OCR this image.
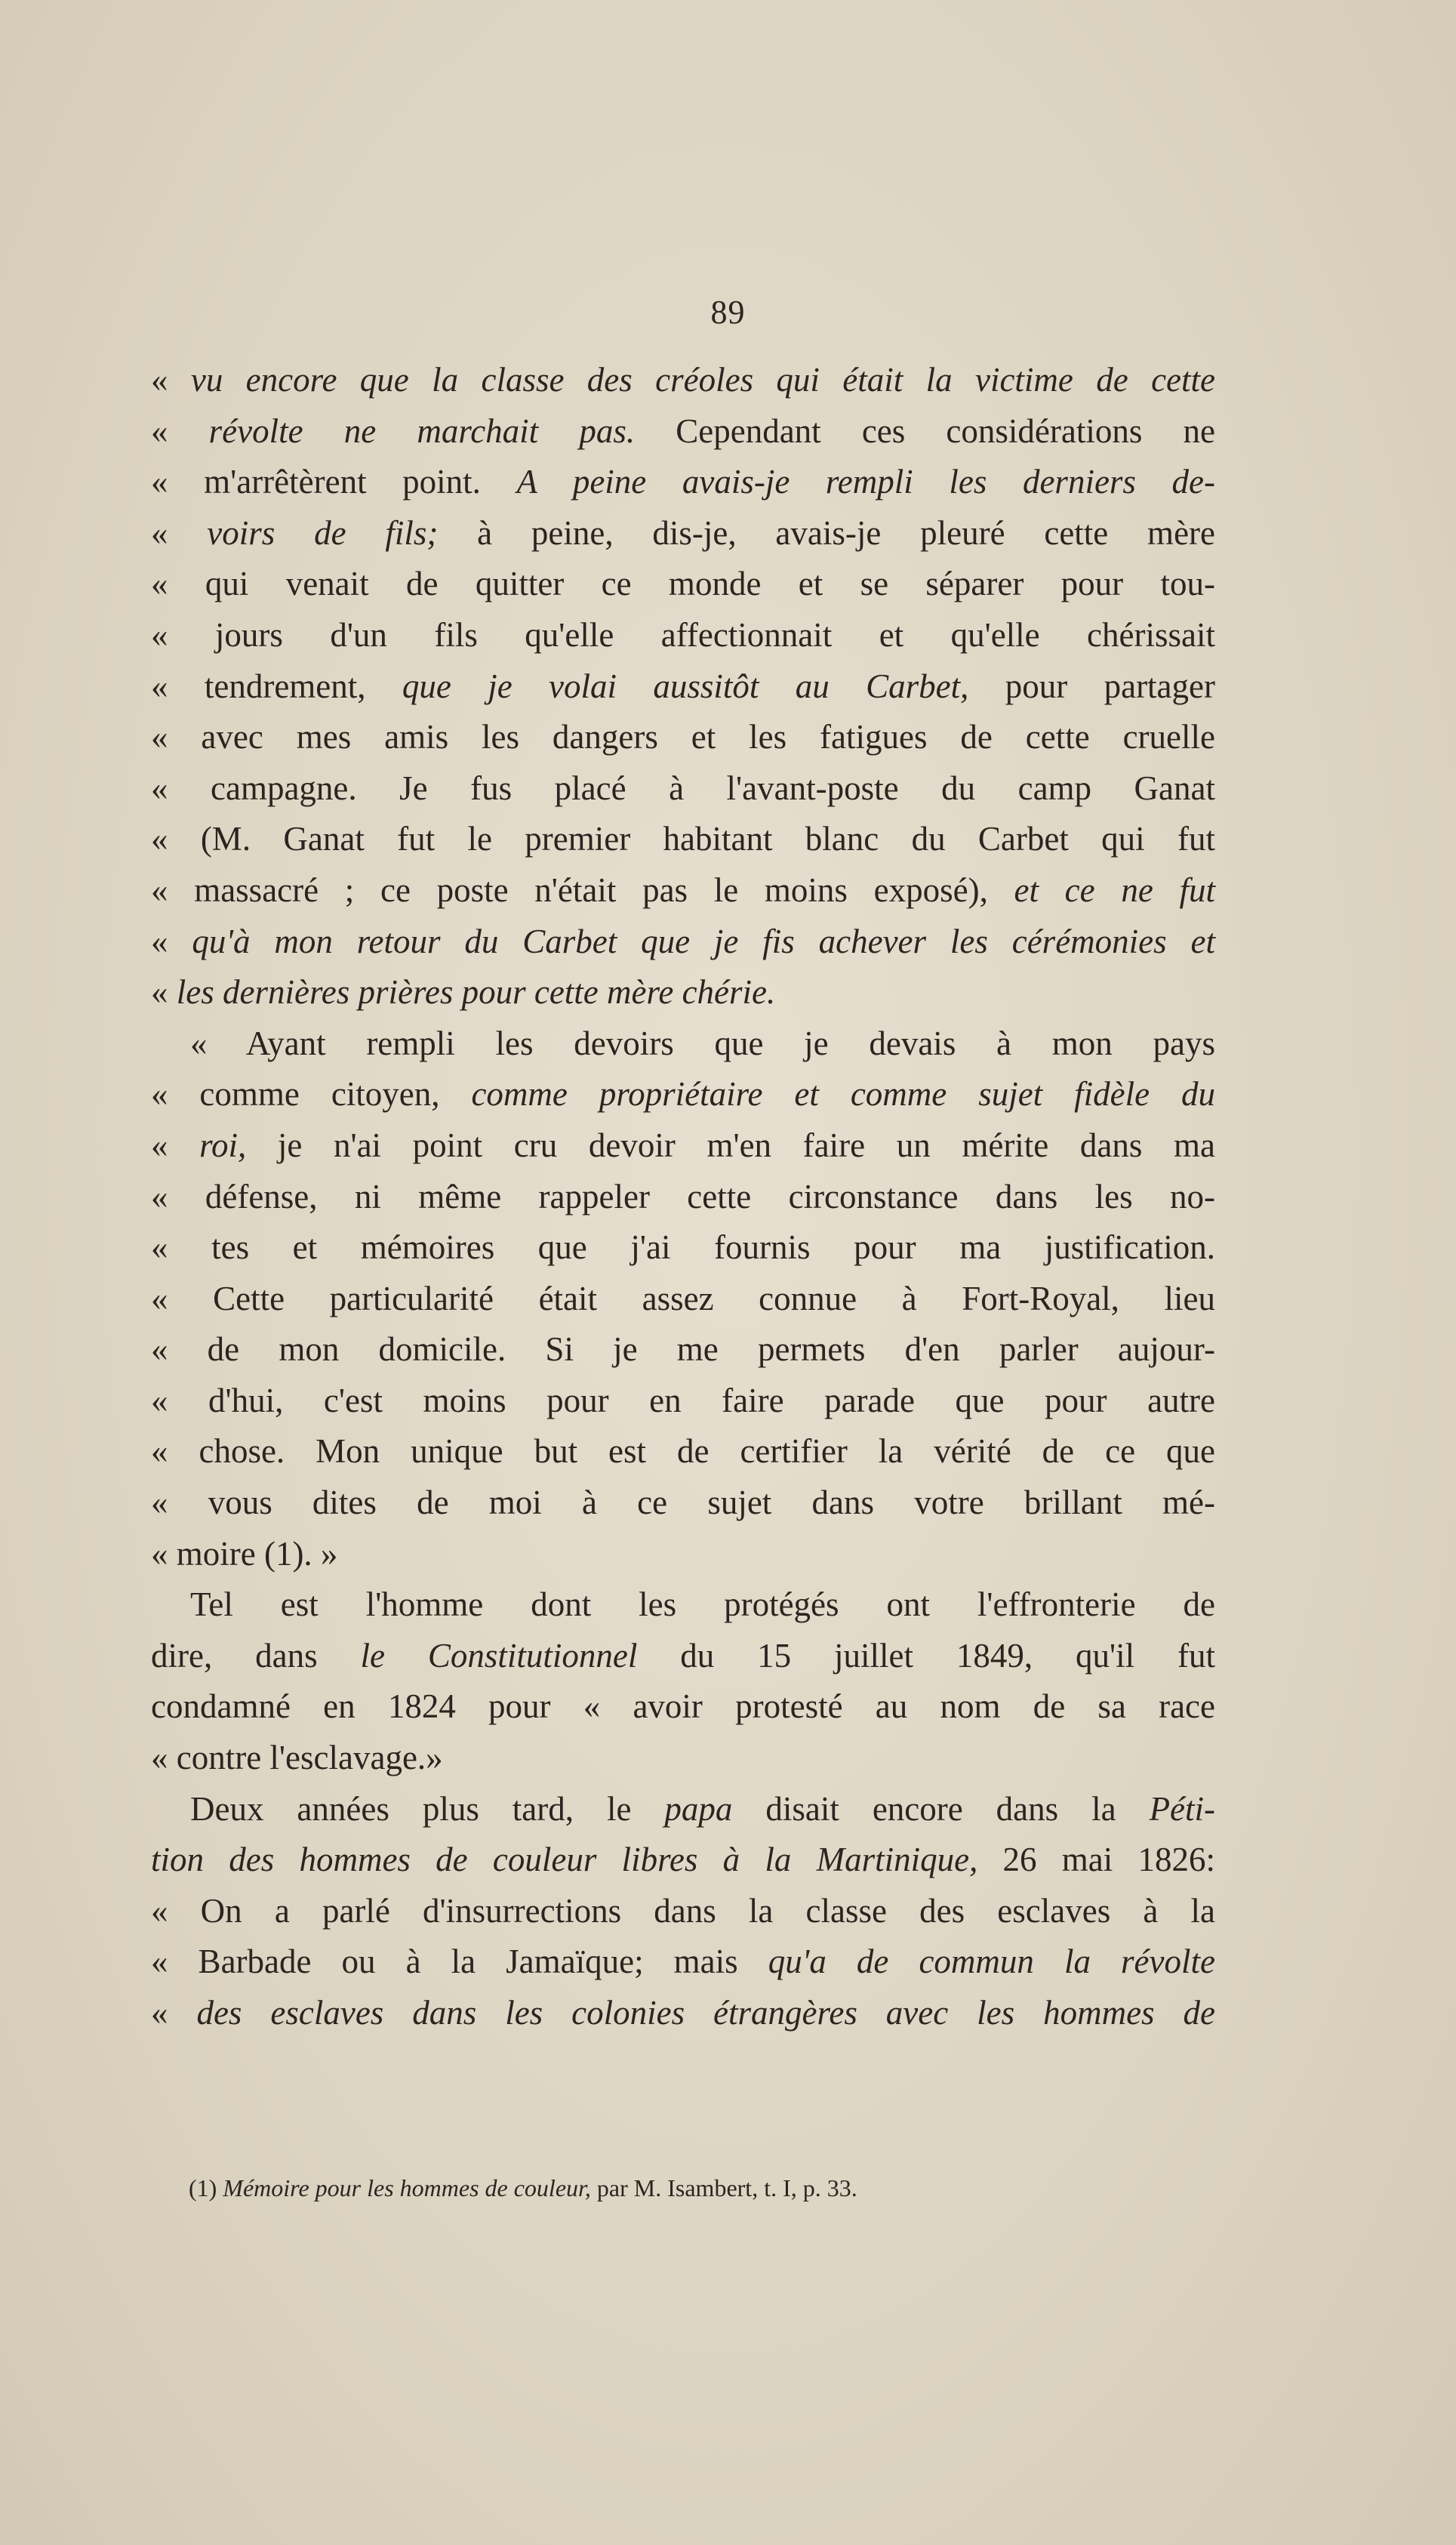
89
« vu encore que la classe des créoles qui était la victime de cette
« révolte ne marchait pas. Cependant ces considérations ne
« m'arrêtèrent point. A peine avais-je rempli les derniers de-
« voirs de fils; à peine, dis-je, avais-je pleuré cette mère
« qui venait de quitter ce monde et se séparer pour tou-
« jours d'un fils qu'elle affectionnait et qu'elle chérissait
« tendrement, que je volai aussitôt au Carbet, pour partager
« avec mes amis les dangers et les fatigues de cette cruelle
« campagne. Je fus placé à l'avant-poste du camp Ganat
« (M. Ganat fut le premier habitant blanc du Carbet qui fut
« massacré ; ce poste n'était pas le moins exposé), et ce ne fut
« qu'à mon retour du Carbet que je fis achever les cérémonies et
« les dernières prières pour cette mère chérie.
« Ayant rempli les devoirs que je devais à mon pays
« comme citoyen, comme propriétaire et comme sujet fidèle du
« roi, je n'ai point cru devoir m'en faire un mérite dans ma
« défense, ni même rappeler cette circonstance dans les no-
« tes et mémoires que j'ai fournis pour ma justification.
« Cette particularité était assez connue à Fort-Royal, lieu
« de mon domicile. Si je me permets d'en parler aujour-
« d'hui, c'est moins pour en faire parade que pour autre
« chose. Mon unique but est de certifier la vérité de ce que
« vous dites de moi à ce sujet dans votre brillant mé-
« moire (1). »
Tel est l'homme dont les protégés ont l'effronterie de
dire, dans le Constitutionnel du 15 juillet 1849, qu'il fut
condamné en 1824 pour « avoir protesté au nom de sa race
« contre l'esclavage.»
Deux années plus tard, le papa disait encore dans la Péti-
tion des hommes de couleur libres à la Martinique, 26 mai 1826:
« On a parlé d'insurrections dans la classe des esclaves à la
« Barbade ou à la Jamaïque; mais qu'a de commun la révolte
« des esclaves dans les colonies étrangères avec les hommes de
(1) Mémoire pour les hommes de couleur, par M. Isambert, t. I, p. 33.
